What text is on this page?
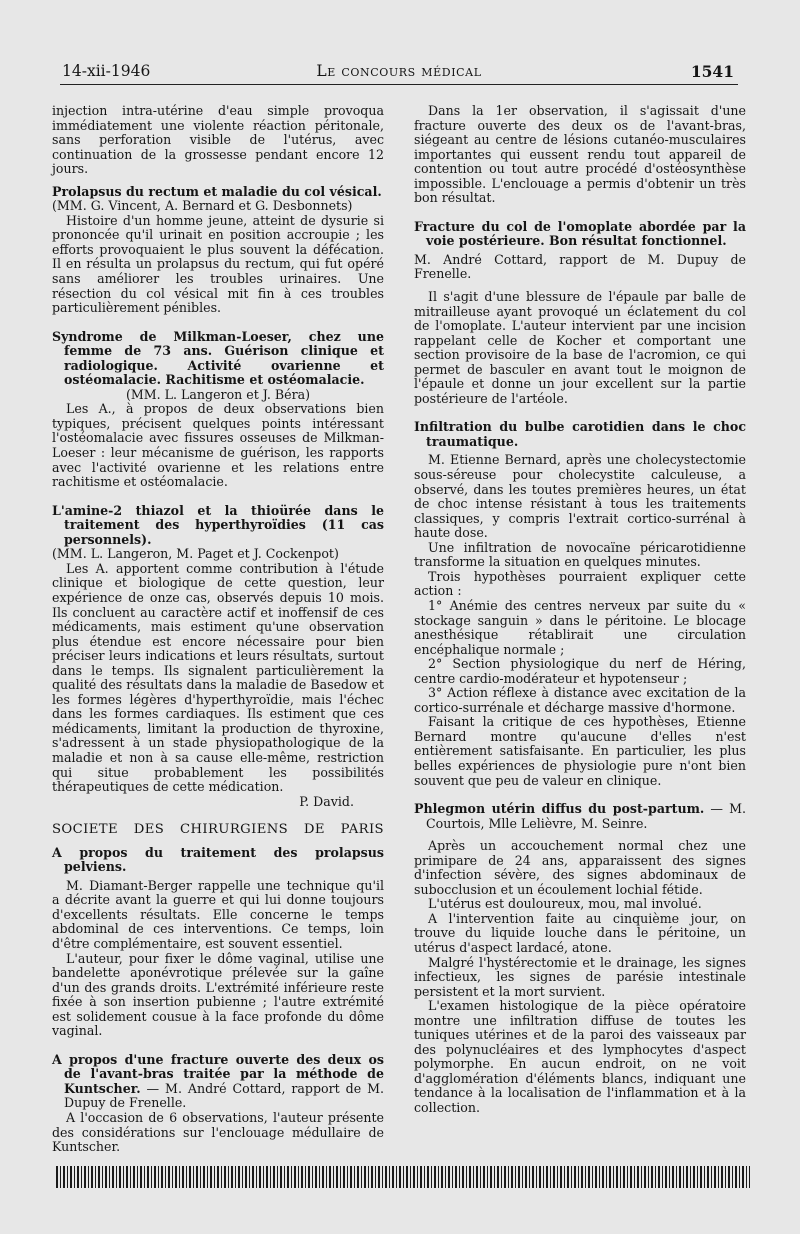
14-xii-1946	Le concours médical	1541

injection intra-utérine d'eau simple provoqua immédiatement une violente réaction péritonale, sans perforation visible de l'utérus, avec continuation de la grossesse pendant encore 12 jours.

Prolapsus du rectum et maladie du col vésical.

(MM. G. Vincent, A. Bernard et G. Desbonnets)

Histoire d'un homme jeune, atteint de dysurie si prononcée qu'il urinait en position accroupie ; les efforts provoquaient le plus souvent la défécation. Il en résulta un prolapsus du rectum, qui fut opéré sans améliorer les troubles urinaires. Une résection du col vésical mit fin à ces troubles particulièrement pénibles.

Syndrome de Milkman-Loeser, chez une femme de 73 ans. Guérison clinique et radiologique. Activité ovarienne et ostéomalacie. Rachitisme et ostéomalacie.

(MM. L. Langeron et J. Béra)

Les A., à propos de deux observations bien typiques, précisent quelques points intéressant l'ostéomalacie avec fissures osseuses de Milkman-Loeser : leur mécanisme de guérison, les rapports avec l'activité ovarienne et les relations entre rachitisme et ostéomalacie.

L'amine-2 thiazol et la thioürée dans le traitement des hyperthyroïdies (11 cas personnels).

(MM. L. Langeron, M. Paget et J. Cockenpot)

Les A. apportent comme contribution à l'étude clinique et biologique de cette question, leur expérience de onze cas, observés depuis 10 mois. Ils concluent au caractère actif et inoffensif de ces médicaments, mais estiment qu'une observation plus étendue est encore nécessaire pour bien préciser leurs indications et leurs résultats, surtout dans le temps. Ils signalent particulièrement la qualité des résultats dans la maladie de Basedow et les formes légères d'hyperthyroïdie, mais l'échec dans les formes cardiaques. Ils estiment que ces médicaments, limitant la production de thyroxine, s'adressent à un stade physiopathologique de la maladie et non à sa cause elle-même, restriction qui situe probablement les possibilités thérapeutiques de cette médication.

P. David.

SOCIETE DES CHIRURGIENS DE PARIS

A propos du traitement des prolapsus pelviens.

M. Diamant-Berger rappelle une technique qu'il a décrite avant la guerre et qui lui donne toujours d'excellents résultats. Elle concerne le temps abdominal de ces interventions. Ce temps, loin d'être complémentaire, est souvent essentiel.

L'auteur, pour fixer le dôme vaginal, utilise une bandelette aponévrotique prélevée sur la gaîne d'un des grands droits. L'extrémité inférieure reste fixée à son insertion pubienne ; l'autre extrémité est solidement cousue à la face profonde du dôme vaginal.

A propos d'une fracture ouverte des deux os de l'avant-bras traitée par la méthode de Kuntscher. — M. André Cottard, rapport de M. Dupuy de Frenelle.

A l'occasion de 6 observations, l'auteur présente des considérations sur l'enclouage médullaire de Kuntscher.

Dans la 1er observation, il s'agissait d'une fracture ouverte des deux os de l'avant-bras, siégeant au centre de lésions cutanéo-musculaires importantes qui eussent rendu tout appareil de contention ou tout autre procédé d'ostéosynthèse impossible. L'enclouage a permis d'obtenir un très bon résultat.

Fracture du col de l'omoplate abordée par la voie postérieure. Bon résultat fonctionnel.

M. André Cottard, rapport de M. Dupuy de Frenelle.

Il s'agit d'une blessure de l'épaule par balle de mitrailleuse ayant provoqué un éclatement du col de l'omoplate. L'auteur intervient par une incision rappelant celle de Kocher et comportant une section provisoire de la base de l'acromion, ce qui permet de basculer en avant tout le moignon de l'épaule et donne un jour excellent sur la partie postérieure de l'artéole.

Infiltration du bulbe carotidien dans le choc traumatique.

M. Etienne Bernard, après une cholecystectomie sous-séreuse pour cholecystite calculeuse, a observé, dans les toutes premières heures, un état de choc intense résistant à tous les traitements classiques, y compris l'extrait cortico-surrénal à haute dose.

Une infiltration de novocaïne péricarotidienne transforme la situation en quelques minutes.

Trois hypothèses pourraient expliquer cette action :

1° Anémie des centres nerveux par suite du « stockage sanguin » dans le péritoine. Le blocage anesthésique rétablirait une circulation encéphalique normale ;

2° Section physiologique du nerf de Héring, centre cardio-modérateur et hypotenseur ;

3° Action réflexe à distance avec excitation de la cortico-surrénale et décharge massive d'hormone.

Faisant la critique de ces hypothèses, Etienne Bernard montre qu'aucune d'elles n'est entièrement satisfaisante. En particulier, les plus belles expériences de physiologie pure n'ont bien souvent que peu de valeur en clinique.

Phlegmon utérin diffus du post-partum. — M. Courtois, Mlle Lelièvre, M. Seinre.

Après un accouchement normal chez une primipare de 24 ans, apparaissent des signes d'infection sévère, des signes abdominaux de subocclusion et un écoulement lochial fétide.

L'utérus est douloureux, mou, mal involué.

A l'intervention faite au cinquième jour, on trouve du liquide louche dans le péritoine, un utérus d'aspect lardacé, atone.

Malgré l'hystérectomie et le drainage, les signes infectieux, les signes de parésie intestinale persistent et la mort survient.

L'examen histologique de la pièce opératoire montre une infiltration diffuse de toutes les tuniques utérines et de la paroi des vaisseaux par des polynucléaires et des lymphocytes d'aspect polymorphe. En aucun endroit, on ne voit d'agglomération d'éléments blancs, indiquant une tendance à la localisation de l'inflammation et à la collection.
